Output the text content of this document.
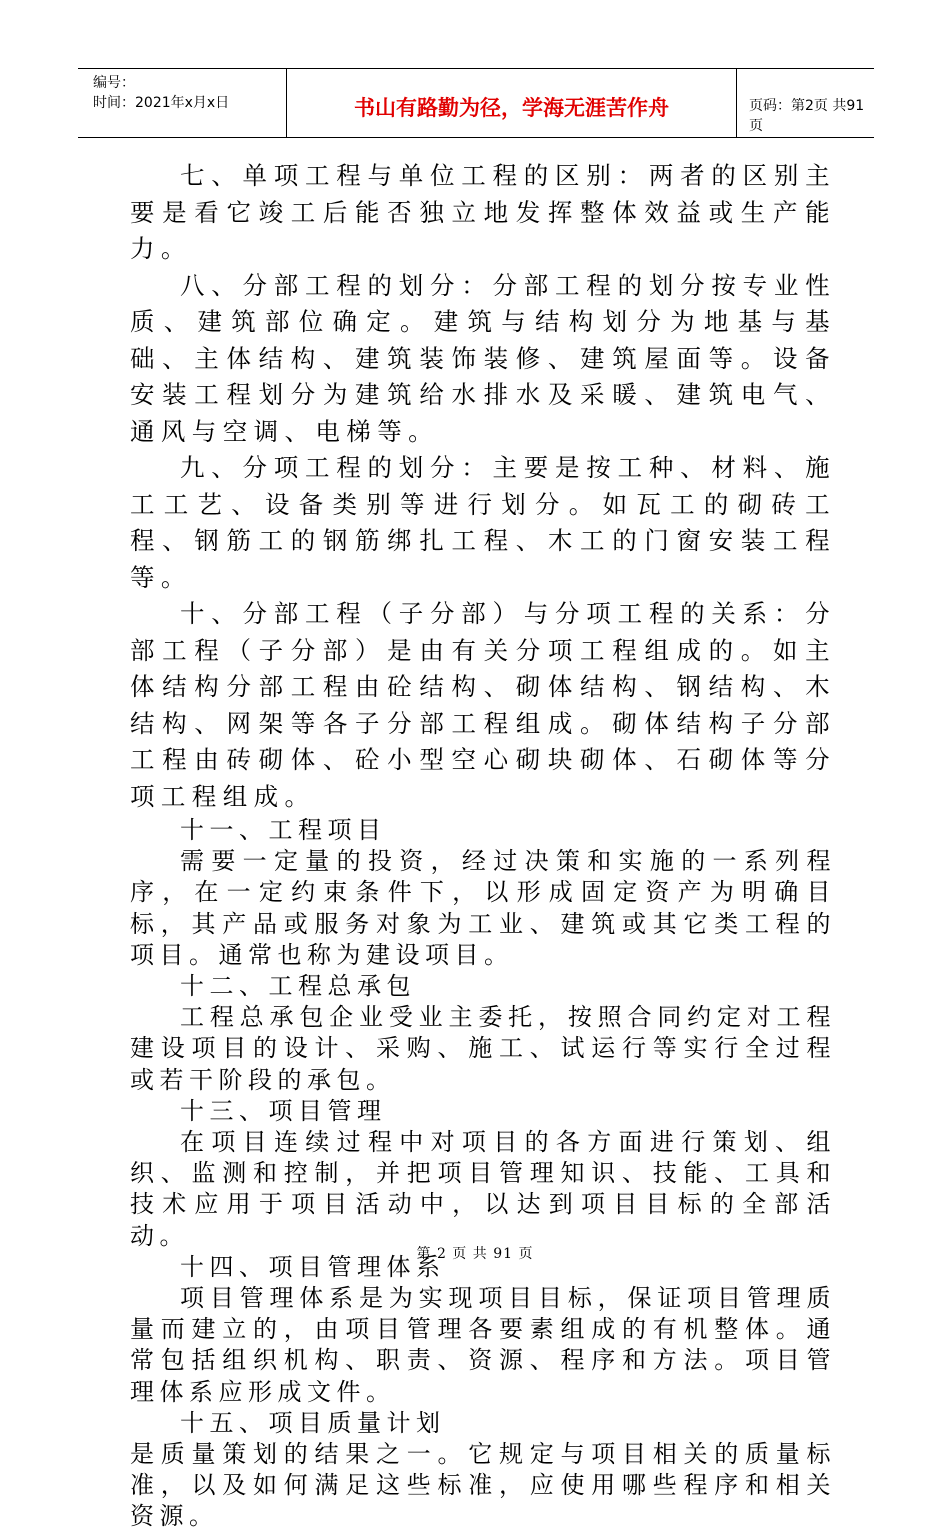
编号：
时间：2021年x月x日	书山有路勤为径，学海无涯苦作舟	页码：第2页 共91页

七、单项工程与单位工程的区别：两者的区别主要是看它竣工后能否独立地发挥整体效益或生产能力。

八、分部工程的划分：分部工程的划分按专业性质、建筑部位确定。建筑与结构划分为地基与基础、主体结构、建筑装饰装修、建筑屋面等。设备安装工程划分为建筑给水排水及采暖、建筑电气、通风与空调、电梯等。

九、分项工程的划分：主要是按工种、材料、施工工艺、设备类别等进行划分。如瓦工的砌砖工程、钢筋工的钢筋绑扎工程、木工的门窗安装工程等。

十、分部工程（子分部）与分项工程的关系：分部工程（子分部）是由有关分项工程组成的。如主体结构分部工程由砼结构、砌体结构、钢结构、木结构、网架等各子分部工程组成。砌体结构子分部工程由砖砌体、砼小型空心砌块砌体、石砌体等分项工程组成。

十一、工程项目

需要一定量的投资，经过决策和实施的一系列程序，在一定约束条件下，以形成固定资产为明确目标，其产品或服务对象为工业、建筑或其它类工程的项目。通常也称为建设项目。

十二、工程总承包

工程总承包企业受业主委托，按照合同约定对工程建设项目的设计、采购、施工、试运行等实行全过程或若干阶段的承包。

十三、项目管理

在项目连续过程中对项目的各方面进行策划、组织、监测和控制，并把项目管理知识、技能、工具和技术应用于项目活动中，以达到项目目标的全部活动。

十四、项目管理体系

项目管理体系是为实现项目目标，保证项目管理质量而建立的，由项目管理各要素组成的有机整体。通常包括组织机构、职责、资源、程序和方法。项目管理体系应形成文件。

十五、项目质量计划

是质量策划的结果之一。它规定与项目相关的质量标准，以及如何满足这些标准，应使用哪些程序和相关资源。

第 2 页 共 91 页
